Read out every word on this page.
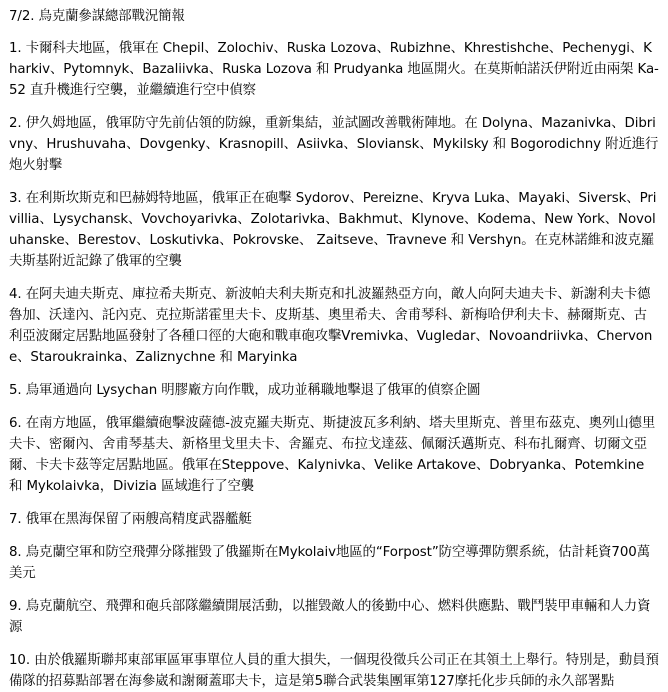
7/2. 烏克蘭參謀總部戰況簡報

1. 卡爾科夫地區，俄軍在 Chepil、Zolochiv、Ruska Lozova、Rubizhne、Khrestishche、Pechenygi、Kharkiv、Pytomnyk、Bazaliivka、Ruska Lozova 和 Prudyanka 地區開火。在莫斯帕諾沃伊附近由兩架 Ka-52 直升機進行空襲，並繼續進行空中偵察

2. 伊久姆地區，俄軍防守先前佔領的防線，重新集結，並試圖改善戰術陣地。在 Dolyna、Mazanivka、Dibrivny、Hrushuvaha、Dovgenky、Krasnopill、Asiivka、Sloviansk、Mykilsky 和 Bogorodichny 附近進行炮火射擊

3. 在利斯坎斯克和巴赫姆特地區，俄軍正在砲擊 Sydorov、Pereizne、Kryva Luka、Mayaki、Siversk、Privillia、Lysychansk、Vovchoyarivka、Zolotarivka、Bakhmut、Klynove、Kodema、New York、Novoluhanske、Berestov、Loskutivka、Pokrovske、 Zaitseve、Travneve 和 Vershyn。在克林諾維和波克羅夫斯基附近記錄了俄軍的空襲

4. 在阿夫迪夫斯克、庫拉希夫斯克、新波帕夫利夫斯克和扎波羅熱亞方向，敵人向阿夫迪夫卡、新謝利夫卡德魯加、沃達內、託內克、克拉斯諾霍里夫卡、皮斯基、奧里希夫、舍甫琴科、新梅哈伊利夫卡、赫爾斯克、古利亞波爾定居點地區發射了各種口徑的大砲和戰車砲攻擊Vremivka、Vugledar、Novoandriivka、Chervone、Staroukrainka、Zaliznychne 和 Maryinka

5. 烏軍通過向 Lysychan 明膠廠方向作戰，成功並稱職地擊退了俄軍的偵察企圖

6. 在南方地區，俄軍繼續砲擊波薩德-波克羅夫斯克、斯捷波瓦多利納、塔夫里斯克、普里布茲克、奧列山德里夫卡、密爾內、舍甫琴基夫、新格里戈里夫卡、舍羅克、布拉戈達茲、佩爾沃邁斯克、科布扎爾齊、切爾文亞爾、卡夫卡茲等定居點地區。俄軍在Steppove、Kalynivka、Velike Artakove、Dobryanka、Potemkine 和 Mykolaivka，Divizia 區域進行了空襲

7. 俄軍在黑海保留了兩艘高精度武器艦艇

8. 烏克蘭空軍和防空飛彈分隊摧毀了俄羅斯在Mykolaiv地區的“Forpost”防空導彈防禦系統，估計耗資700萬美元

9. 烏克蘭航空、飛彈和砲兵部隊繼續開展活動，以摧毀敵人的後勤中心、燃料供應點、戰鬥裝甲車輛和人力資源

10. 由於俄羅斯聯邦東部軍區軍事單位人員的重大損失，一個現役徵兵公司正在其領土上舉行。特別是，動員預備隊的招募點部署在海參崴和謝爾蓋耶夫卡，這是第5聯合武裝集團軍第127摩托化步兵師的永久部署點
